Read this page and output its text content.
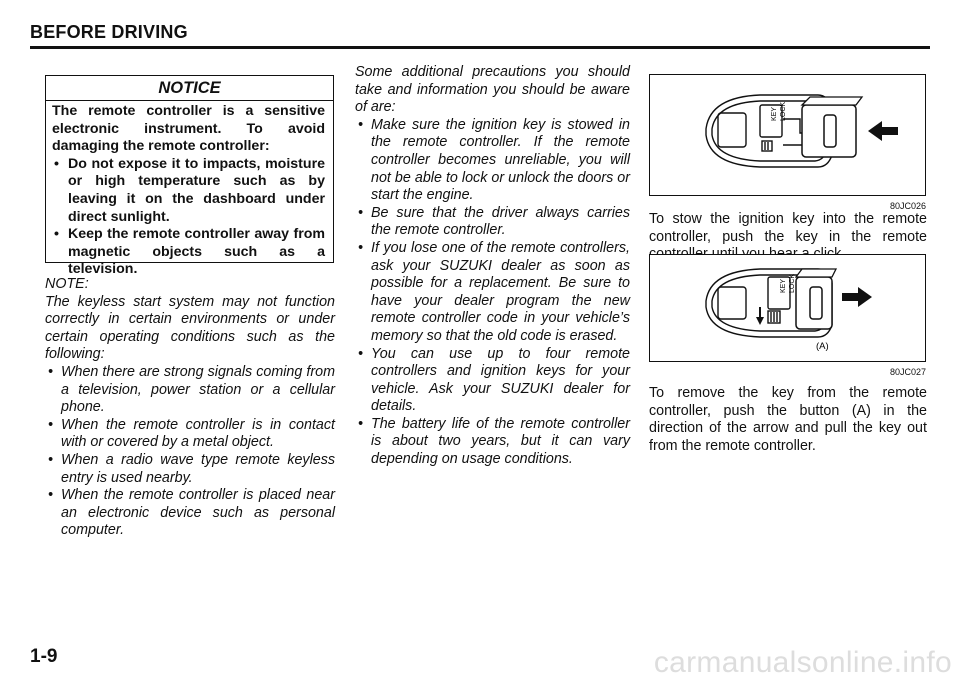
BEFORE DRIVING
NOTICE

The remote controller is a sensitive electronic instrument. To avoid damaging the remote controller:

• Do not expose it to impacts, moisture or high temperature such as by leaving it on the dashboard under direct sunlight.
• Keep the remote controller away from magnetic objects such as a television.

NOTE:

The keyless start system may not function correctly in certain environments or under certain operating conditions such as the following:

• When there are strong signals coming from a television, power station or a cellular phone.
• When the remote controller is in contact with or covered by a metal object.
• When a radio wave type remote keyless entry is used nearby.
• When the remote controller is placed near an electronic device such as personal computer.

Some additional precautions you should take and information you should be aware of are:

• Make sure the ignition key is stowed in the remote controller. If the remote controller becomes unreliable, you will not be able to lock or unlock the doors or start the engine.
• Be sure that the driver always carries the remote controller.
• If you lose one of the remote controllers, ask your SUZUKI dealer as soon as possible for a replacement. Be sure to have your dealer program the new remote controller code in your vehicle’s memory so that the old code is erased.
• You can use up to four remote controllers and ignition keys for your vehicle. Ask your SUZUKI dealer for details.
• The battery life of the remote controller is about two years, but it can vary depending on usage conditions.
KEY LOCK
80JC026
To stow the ignition key into the remote controller, push the key in the remote
KEY LOCK
(A)
80JC027
To remove the key from the remote controller, push the button (A) in the direction of the arrow and pull the key out from the remote controller.
1-9	carmanualsonline.info
